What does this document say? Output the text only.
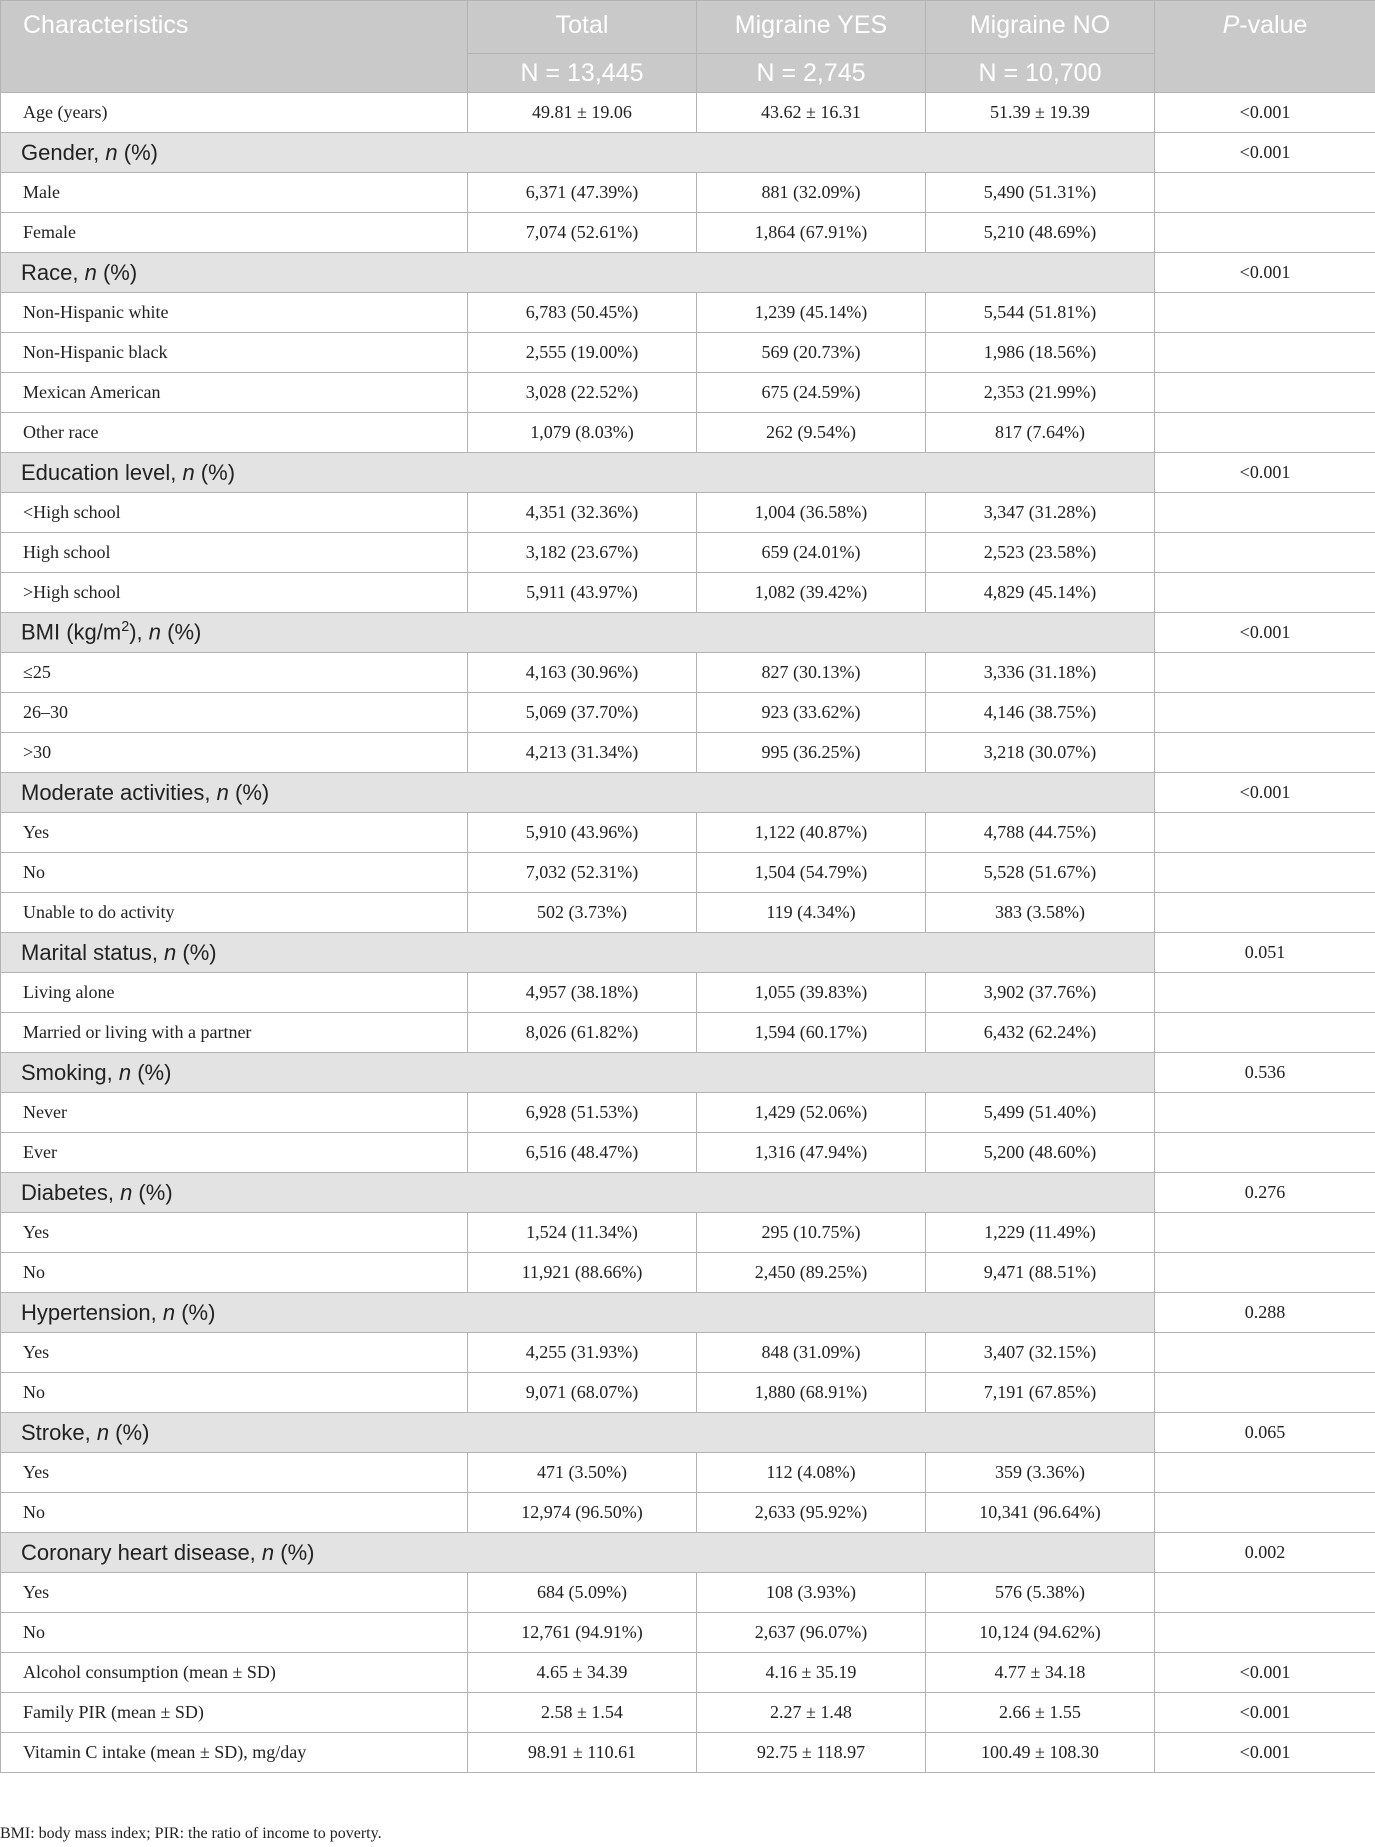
Characteristics	Total	Migraine YES	Migraine NO	P-value
	N = 13,445	N = 2,745	N = 10,700	
Age (years)	49.81 ± 19.06	43.62 ± 16.31	51.39 ± 19.39	<0.001
Gender, n (%)				<0.001
Male	6,371 (47.39%)	881 (32.09%)	5,490 (51.31%)	
Female	7,074 (52.61%)	1,864 (67.91%)	5,210 (48.69%)	
Race, n (%)				<0.001
Non-Hispanic white	6,783 (50.45%)	1,239 (45.14%)	5,544 (51.81%)	
Non-Hispanic black	2,555 (19.00%)	569 (20.73%)	1,986 (18.56%)	
Mexican American	3,028 (22.52%)	675 (24.59%)	2,353 (21.99%)	
Other race	1,079 (8.03%)	262 (9.54%)	817 (7.64%)	
Education level, n (%)				<0.001
<High school	4,351 (32.36%)	1,004 (36.58%)	3,347 (31.28%)	
High school	3,182 (23.67%)	659 (24.01%)	2,523 (23.58%)	
>High school	5,911 (43.97%)	1,082 (39.42%)	4,829 (45.14%)	
BMI $(kg/m^2)$, n (%)				<0.001
≤25	4,163 (30.96%)	827 (30.13%)	3,336 (31.18%)	
26–30	5,069 (37.70%)	923 (33.62%)	4,146 (38.75%)	
>30	4,213 (31.34%)	995 (36.25%)	3,218 (30.07%)	
Moderate activities, n (%)				<0.001
Yes	5,910 (43.96%)	1,122 (40.87%)	4,788 (44.75%)	
No	7,032 (52.31%)	1,504 (54.79%)	5,528 (51.67%)	
Unable to do activity	502 (3.73%)	119 (4.34%)	383 (3.58%)	
Marital status, n (%)				0.051
Living alone	4,957 (38.18%)	1,055 (39.83%)	3,902 (37.76%)	
Married or living with a partner	8,026 (61.82%)	1,594 (60.17%)	6,432 (62.24%)	
Smoking, n (%)				0.536
Never	6,928 (51.53%)	1,429 (52.06%)	5,499 (51.40%)	
Ever	6,516 (48.47%)	1,316 (47.94%)	5,200 (48.60%)	
Diabetes, n (%)				0.276
Yes	1,524 (11.34%)	295 (10.75%)	1,229 (11.49%)	
No	11,921 (88.66%)	2,450 (89.25%)	9,471 (88.51%)	
Hypertension, n (%)				0.288
Yes	4,255 (31.93%)	848 (31.09%)	3,407 (32.15%)	
No	9,071 (68.07%)	1,880 (68.91%)	7,191 (67.85%)	
Stroke, n (%)				0.065
Yes	471 (3.50%)	112 (4.08%)	359 (3.36%)	
No	12,974 (96.50%)	2,633 (95.92%)	10,341 (96.64%)	
Coronary heart disease, n (%)				0.002
Yes	684 (5.09%)	108 (3.93%)	576 (5.38%)	
No	12,761 (94.91%)	2,637 (96.07%)	10,124 (94.62%)	
Alcohol consumption (mean ± SD)	4.65 ± 34.39	4.16 ± 35.19	4.77 ± 34.18	<0.001
Family PIR (mean ± SD)	2.58 ± 1.54	2.27 ± 1.48	2.66 ± 1.55	<0.001
Vitamin C intake (mean ± SD), mg/day	98.91 ± 110.61	92.75 ± 118.97	100.49 ± 108.30	<0.001
BMI: body mass index; PIR: the ratio of income to poverty.
